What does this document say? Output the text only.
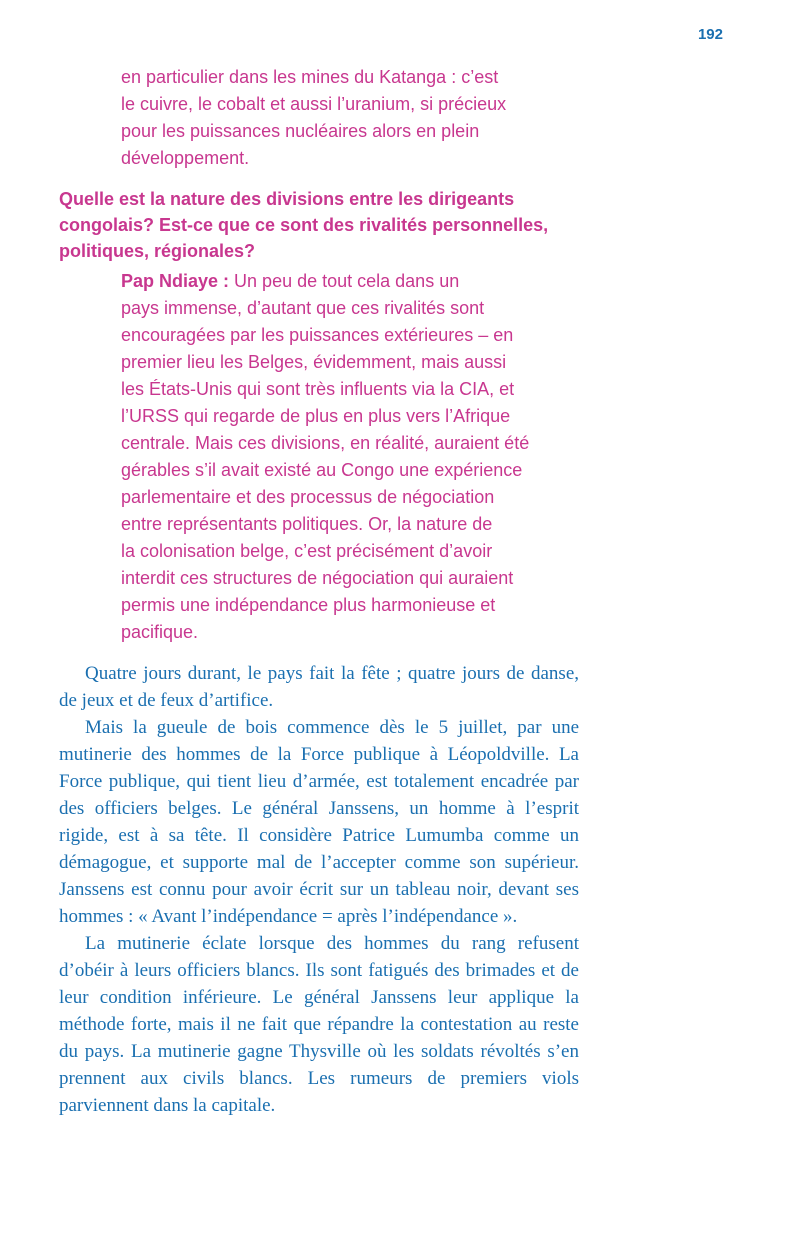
192

en particulier dans les mines du Katanga : c’est

le cuivre, le cobalt et aussi l’uranium, si précieux

pour les puissances nucléaires alors en plein

développement.

Quelle est la nature des divisions entre les dirigeants
congolais? Est-ce que ce sont des rivalités personnelles,
politiques, régionales?
Pap Ndiaye : Un peu de tout cela dans un
pays immense, d’autant que ces rivalités sont
encouragées par les puissances extérieures – en
premier lieu les Belges, évidemment, mais aussi
les États-Unis qui sont très influents via la CIA, et
l’URSS qui regarde de plus en plus vers l’Afrique
centrale. Mais ces divisions, en réalité, auraient été
gérables s’il avait existé au Congo une expérience
parlementaire et des processus de négociation
entre représentants politiques. Or, la nature de
la colonisation belge, c’est précisément d’avoir
interdit ces structures de négociation qui auraient
permis une indépendance plus harmonieuse et
pacifique.

Quatre jours durant, le pays fait la fête ; quatre jours de danse, de jeux et de feux d’artifice.

Mais la gueule de bois commence dès le 5 juillet, par une mutinerie des hommes de la Force publique à Léopoldville. La Force publique, qui tient lieu d’armée, est totalement encadrée par des officiers belges. Le général Janssens, un homme à l’esprit rigide, est à sa tête. Il considère Patrice Lumumba comme un démagogue, et supporte mal de l’accepter comme son supérieur. Janssens est connu pour avoir écrit sur un tableau noir, devant ses hommes : « Avant l’indépendance = après l’indépendance ».

La mutinerie éclate lorsque des hommes du rang refusent d’obéir à leurs officiers blancs. Ils sont fatigués des brimades et de leur condition inférieure. Le général Janssens leur applique la méthode forte, mais il ne fait que répandre la contestation au reste du pays. La mutinerie gagne Thysville où les soldats révoltés s’en prennent aux civils blancs. Les rumeurs de premiers viols parviennent dans la capitale.
